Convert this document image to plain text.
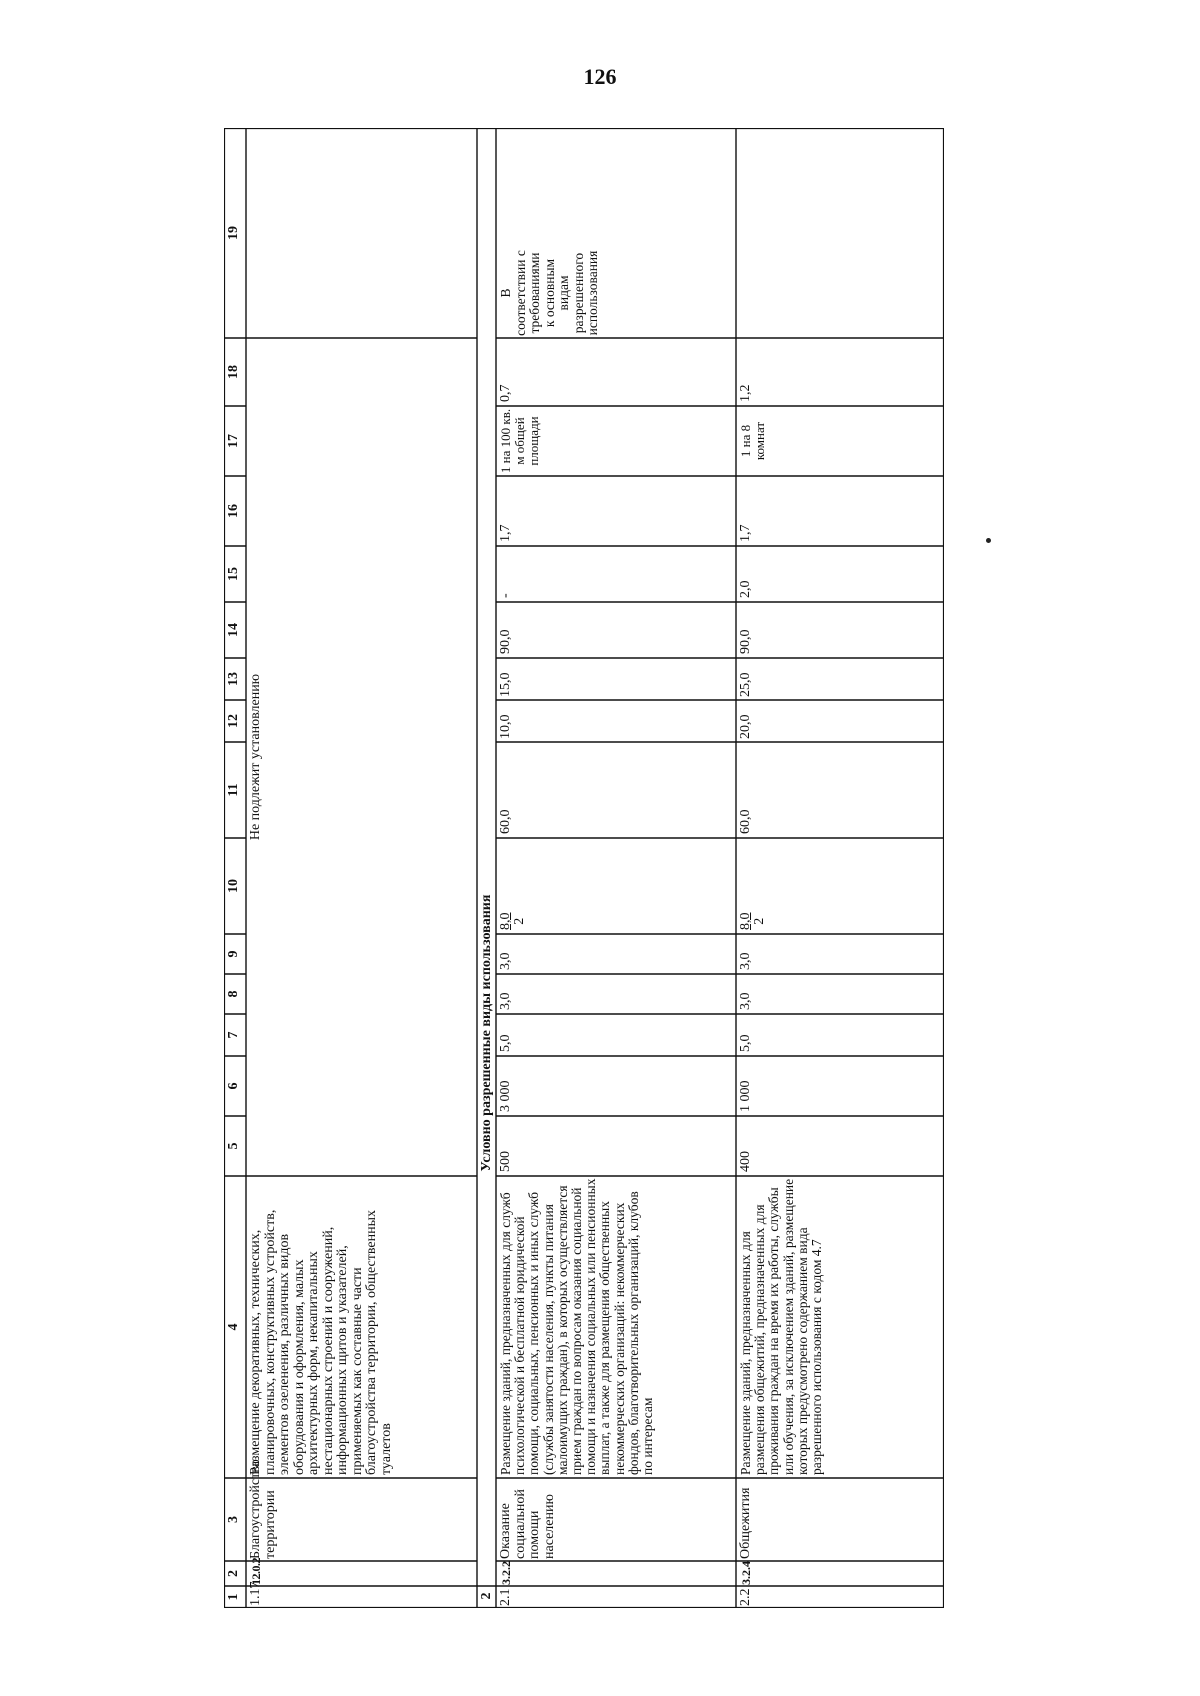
126
1
2
3
4
5
6
7
8
9
10
11
12
13
14
15
16
17
18
19
1.17
12.0.2
Благоустройство территории
Размещение декоративных, технических, планировочных, конструктивных устройств, элементов озеленения, различных видов оборудования и оформления, малых архитектурных форм, некапитальных нестационарных строений и сооружений, информационных щитов и указателей, применяемых как составные части благоустройства территории, общественных туалетов
Не подлежит установлению
2
Условно разрешенные виды использования
2.1
3.2.2
Оказание социальной помощи населению
Размещение зданий, предназначенных для служб психологической и бесплатной юридической помощи, социальных, пенсионных и иных служб (службы занятости населения, пункты питания малоимущих граждан), в которых осуществляется прием граждан по вопросам оказания социальной помощи и назначения социальных или пенсионных выплат, а также для размещения общественных некоммерческих организаций: некоммерческих фондов, благотворительных организаций, клубов по интересам
500
3 000
5,0
3,0
3,0
8,0 2
60,0
10,0
15,0
90,0
-
1,7
1 на 100 кв. м общей площади
0,7
В соответствии с требованиями к основным видам разрешенного использования
2.2
3.2.4
Общежития
Размещение зданий, предназначенных для размещения общежитий, предназначенных для проживания граждан на время их работы, службы или обучения, за исключением зданий, размещение которых предусмотрено содержанием вида разрешенного использования с кодом 4.7
400
1 000
5,0
3,0
3,0
8,0 2
60,0
20,0
25,0
90,0
2,0
1,7
1 на 8 комнат
1,2
